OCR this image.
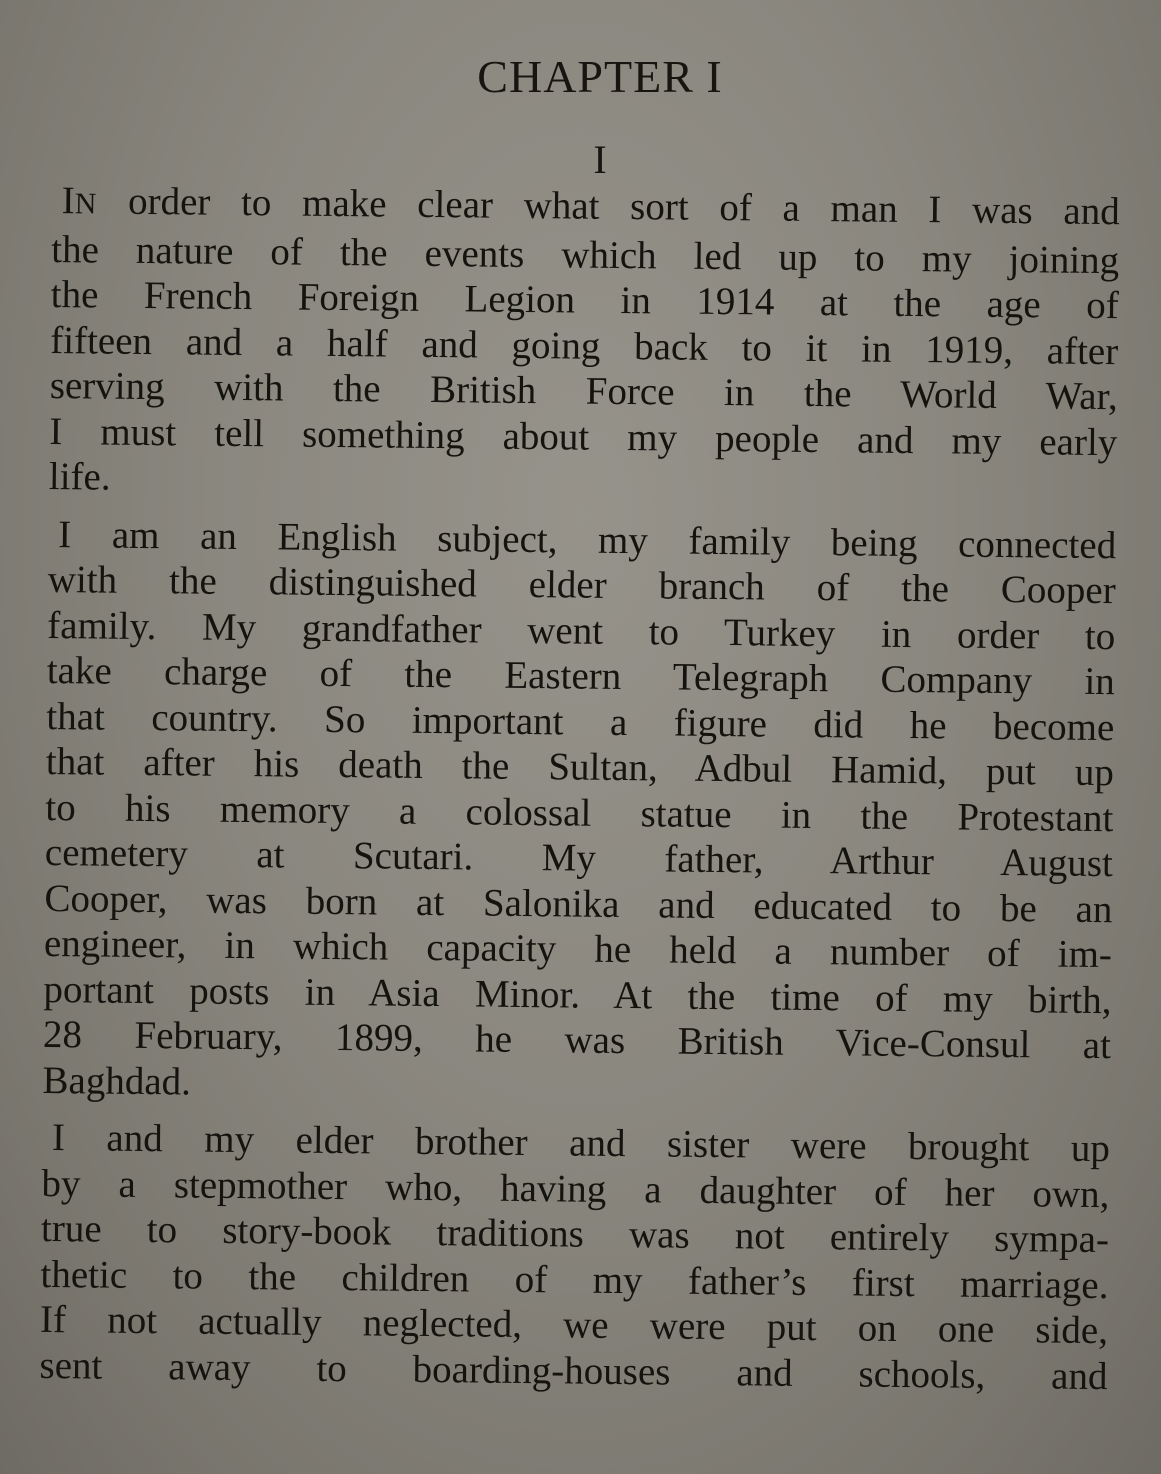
CHAPTER I
I
IN order to make clear what sort of a man I was and
the nature of the events which led up to my joining
the French Foreign Legion in 1914 at the age of
fifteen and a half and going back to it in 1919, after
serving with the British Force in the World War,
I must tell something about my people and my early
life.
I am an English subject, my family being connected
with the distinguished elder branch of the Cooper
family. My grandfather went to Turkey in order to
take charge of the Eastern Telegraph Company in
that country. So important a figure did he become
that after his death the Sultan, Adbul Hamid, put up
to his memory a colossal statue in the Protestant
cemetery at Scutari. My father, Arthur August
Cooper, was born at Salonika and educated to be an
engineer, in which capacity he held a number of im-
portant posts in Asia Minor. At the time of my birth,
28 February, 1899, he was British Vice-Consul at
Baghdad.
I and my elder brother and sister were brought up
by a stepmother who, having a daughter of her own,
true to story-book traditions was not entirely sympa-
thetic to the children of my father’s first marriage.
If not actually neglected, we were put on one side,
sent away to boarding-houses and schools, and
